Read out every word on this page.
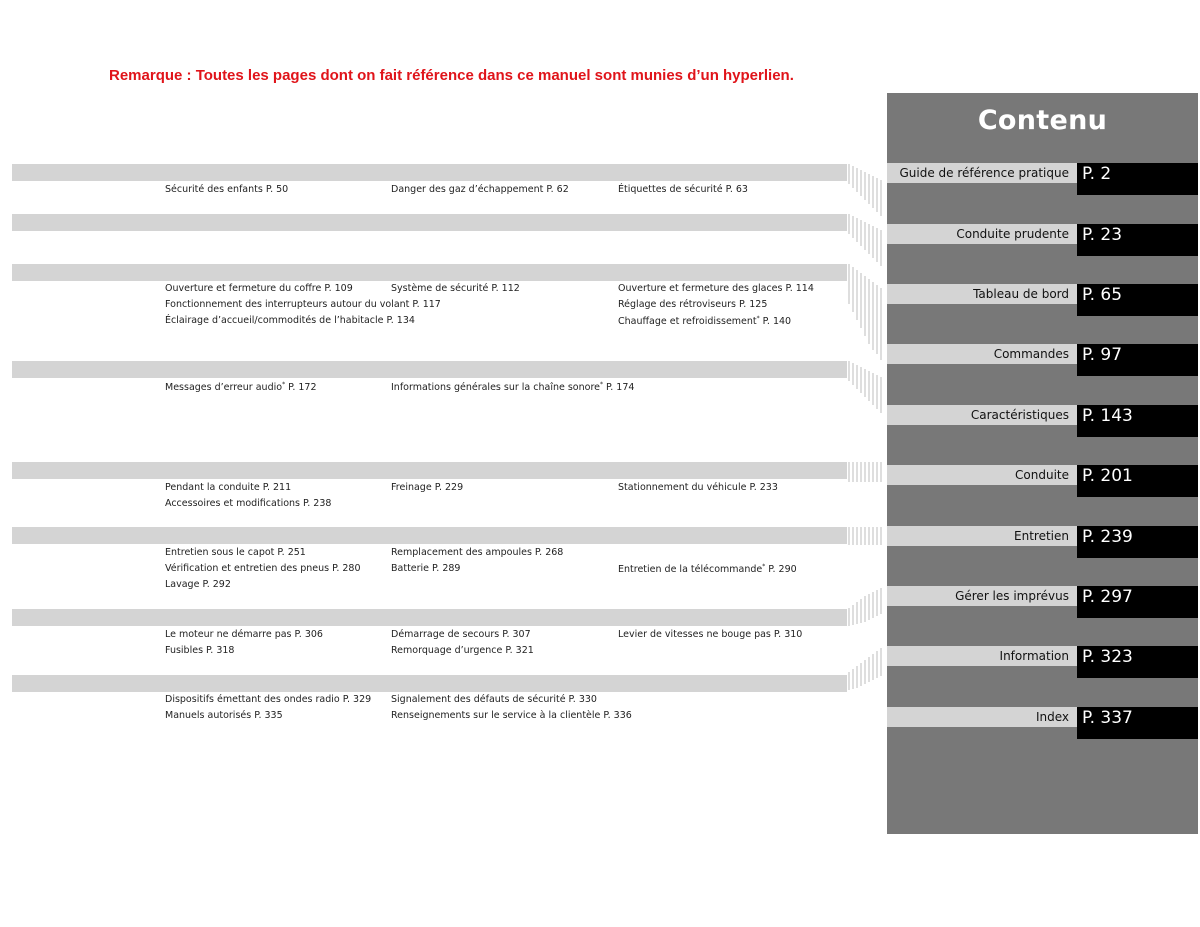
Remarque : Toutes les pages dont on fait référence dans ce manuel sont munies d’un hyperlien.
Contenu
Guide de référence pratique P. 2
Conduite prudente P. 23
Tableau de bord P. 65
Commandes P. 97
Caractéristiques P. 143
Conduite P. 201
Entretien P. 239
Gérer les imprévus P. 297
Information P. 323
Index P. 337
Sécurité des enfants P. 50	Danger des gaz d’échappement P. 62	Étiquettes de sécurité P. 63
Ouverture et fermeture du coffre P. 109	Système de sécurité P. 112	Ouverture et fermeture des glaces P. 114
Fonctionnement des interrupteurs autour du volant P. 117	Réglage des rétroviseurs P. 125
Éclairage d’accueil/commodités de l’habitacle P. 134	Chauffage et refroidissement* P. 140
Messages d’erreur audio* P. 172	Informations générales sur la chaîne sonore* P. 174
Pendant la conduite P. 211	Freinage P. 229	Stationnement du véhicule P. 233
Accessoires et modifications P. 238
Entretien sous le capot P. 251	Remplacement des ampoules P. 268
Vérification et entretien des pneus P. 280	Batterie P. 289	Entretien de la télécommande* P. 290
Lavage P. 292
Le moteur ne démarre pas P. 306	Démarrage de secours P. 307	Levier de vitesses ne bouge pas P. 310
Fusibles P. 318	Remorquage d’urgence P. 321
Dispositifs émettant des ondes radio P. 329 Signalement des défauts de sécurité P. 330
Manuels autorisés P. 335	Renseignements sur le service à la clientèle P. 336
